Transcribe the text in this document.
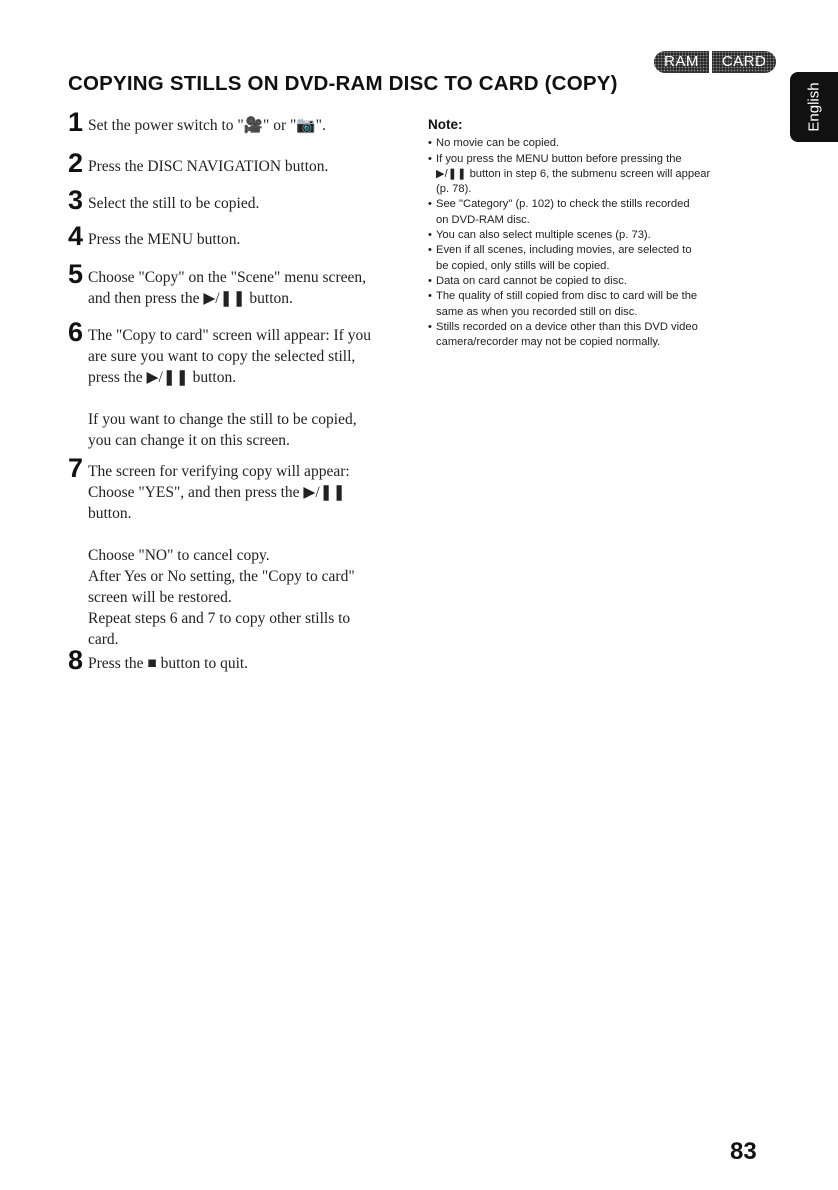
COPYING STILLS ON DVD-RAM DISC TO CARD (COPY)
RAM	CARD
English
1 Set the power switch to "🎥" or "📷".
2 Press the DISC NAVIGATION button.
3 Select the still to be copied.
4 Press the MENU button.
5 Choose "Copy" on the "Scene" menu screen,
and then press the ▶/❚❚ button.
6 The "Copy to card" screen will appear: If you
are sure you want to copy the selected still,
press the ▶/❚❚ button.
If you want to change the still to be copied,
you can change it on this screen.
7 The screen for verifying copy will appear:
Choose "YES", and then press the ▶/❚❚
button.
Choose "NO" to cancel copy.
After Yes or No setting, the "Copy to card"
screen will be restored.
Repeat steps 6 and 7 to copy other stills to
card.
8 Press the ■ button to quit.
Note:
• No movie can be copied.
• If you press the MENU button before pressing the
▶/❚❚ button in step 6, the submenu screen will appear
(p. 78).
• See "Category" (p. 102) to check the stills recorded
on DVD-RAM disc.
• You can also select multiple scenes (p. 73).
• Even if all scenes, including movies, are selected to
be copied, only stills will be copied.
• Data on card cannot be copied to disc.
• The quality of still copied from disc to card will be the
same as when you recorded still on disc.
• Stills recorded on a device other than this DVD video
camera/recorder may not be copied normally.
83
